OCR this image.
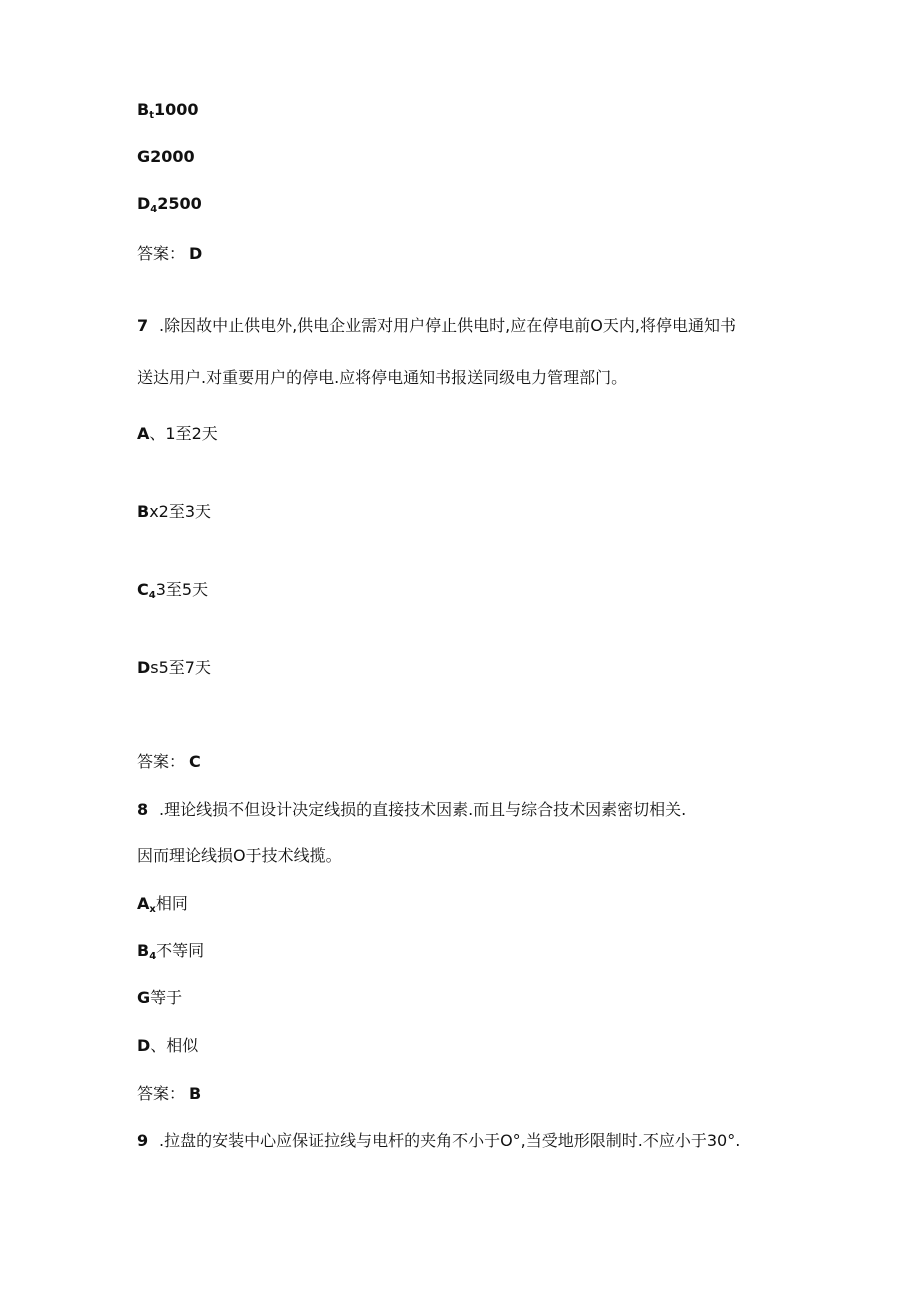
$B_t1000$
G2000
$D_42500$
答案： D
7 .除因故中止供电外,供电企业需对用户停止供电时,应在停电前O天内,将停电通知书
送达用户.对重要用户的停电.应将停电通知书报送同级电力管理部门。
A、1至2天
Bx2至3天
$C_43$至5天
Ds5至7天
答案： C
8 .理论线损不但设计决定线损的直接技术因素.而且与综合技术因素密切相关.
因而理论线损O于技术线揽。
$A_x$相同
$B_4$不等同
G等于
D、相似
答案： B
9 .拉盘的安装中心应保证拉线与电杆的夹角不小于O°,当受地形限制时.不应小于30°.
